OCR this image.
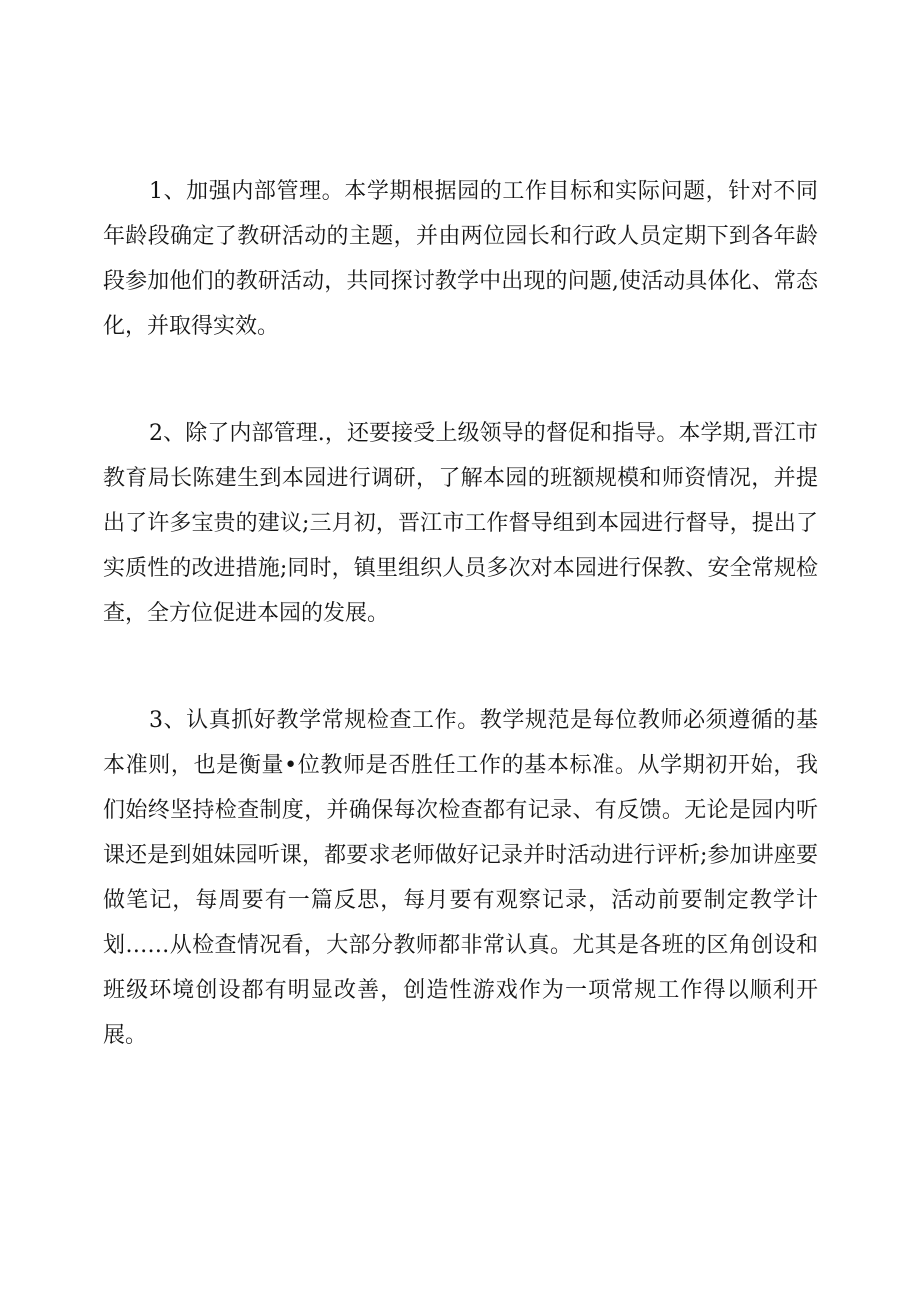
1、加强内部管理。本学期根据园的工作目标和实际问题，针对不同年龄段确定了教研活动的主题，并由两位园长和行政人员定期下到各年龄段参加他们的教研活动，共同探讨教学中出现的问题,使活动具体化、常态化，并取得实效。

2、除了内部管理.，还要接受上级领导的督促和指导。本学期,晋江市教育局长陈建生到本园进行调研，了解本园的班额规模和师资情况，并提出了许多宝贵的建议;三月初，晋江市工作督导组到本园进行督导，提出了实质性的改进措施;同时，镇里组织人员多次对本园进行保教、安全常规检查，全方位促进本园的发展。

3、认真抓好教学常规检查工作。教学规范是每位教师必须遵循的基本准则，也是衡量•位教师是否胜任工作的基本标准。从学期初开始，我们始终坚持检查制度，并确保每次检查都有记录、有反馈。无论是园内听课还是到姐妹园听课，都要求老师做好记录并时活动进行评析;参加讲座要做笔记，每周要有一篇反思，每月要有观察记录，活动前要制定教学计划……从检查情况看，大部分教师都非常认真。尤其是各班的区角创设和班级环境创设都有明显改善，创造性游戏作为一项常规工作得以顺利开展。
